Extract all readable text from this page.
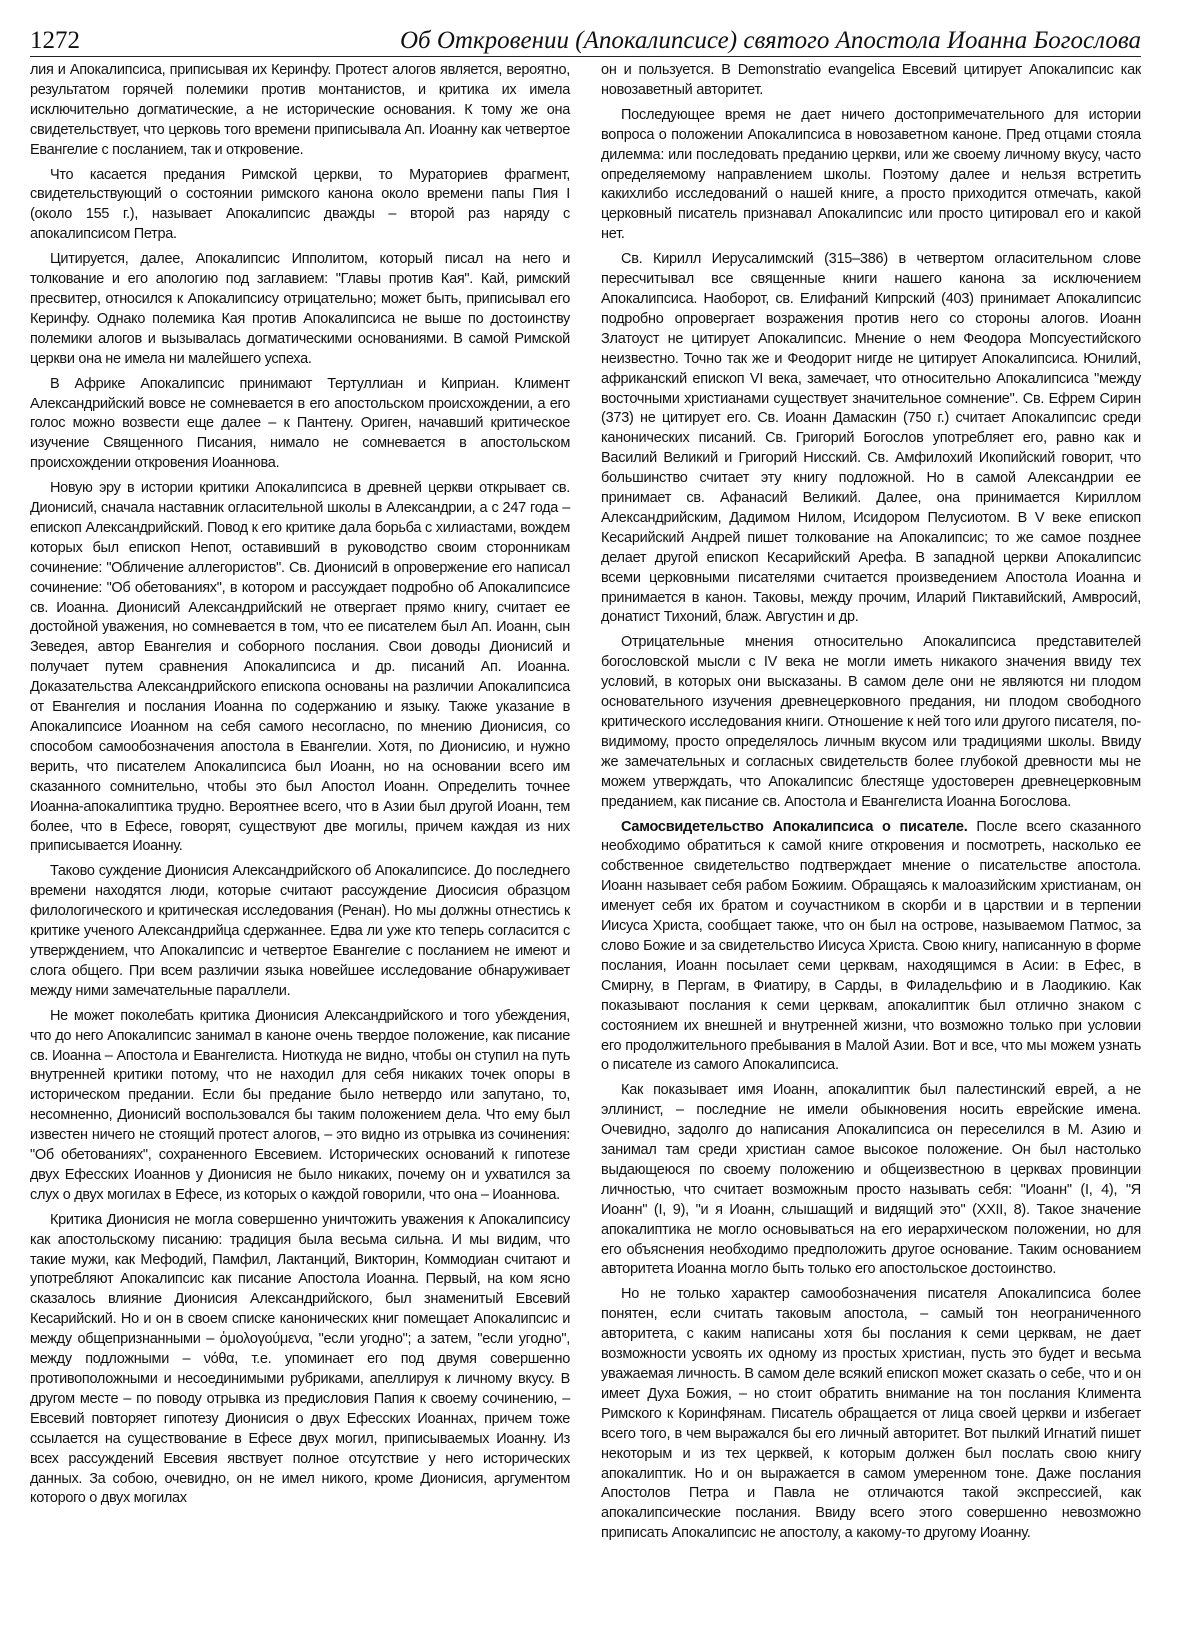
1272	Об Откровении (Апокалипсисе) святого Апостола Иоанна Богослова

лия и Апокалипсиса, приписывая их Керинфу. Протест алогов является, вероятно, результатом горячей полемики против монтанистов, и критика их имела исключительно догматические, а не исторические основания. К тому же она свидетельствует, что церковь того времени приписывала Ап. Иоанну как четвертое Евангелие с посланием, так и откровение.

Что касается предания Римской церкви, то Мураториев фрагмент, свидетельствующий о состоянии римского канона около времени папы Пия I (около 155 г.), называет Апокалипсис дважды – второй раз наряду с апокалипсисом Петра.

Цитируется, далее, Апокалипсис Ипполитом, который писал на него и толкование и его апологию под заглавием: "Главы против Кая". Кай, римский пресвитер, относился к Апокалипсису отрицательно; может быть, приписывал его Керинфу. Однако полемика Кая против Апокалипсиса не выше по достоинству полемики алогов и вызывалась догматическими основаниями. В самой Римской церкви она не имела ни малейшего успеха.

В Африке Апокалипсис принимают Тертуллиан и Киприан. Климент Александрийский вовсе не сомневается в его апостольском происхождении, а его голос можно возвести еще далее – к Пантену. Ориген, начавший критическое изучение Священного Писания, нимало не сомневается в апостольском происхождении откровения Иоаннова.

Новую эру в истории критики Апокалипсиса в древней церкви открывает св. Дионисий, сначала наставник огласительной школы в Александрии, а с 247 года – епископ Александрийский. Повод к его критике дала борьба с хилиастами, вождем которых был епископ Непот, оставивший в руководство своим сторонникам сочинение: "Обличение аллегористов". Св. Дионисий в опровержение его написал сочинение: "Об обетованиях", в котором и рассуждает подробно об Апокалипсисе св. Иоанна. Дионисий Александрийский не отвергает прямо книгу, считает ее достойной уважения, но сомневается в том, что ее писателем был Ап. Иоанн, сын Зеведея, автор Евангелия и соборного послания. Свои доводы Дионисий и получает путем сравнения Апокалипсиса и др. писаний Ап. Иоанна. Доказательства Александрийского епископа основаны на различии Апокалипсиса от Евангелия и послания Иоанна по содержанию и языку. Также указание в Апокалипсисе Иоанном на себя самого несогласно, по мнению Дионисия, со способом самообозначения апостола в Евангелии. Хотя, по Дионисию, и нужно верить, что писателем Апокалипсиса был Иоанн, но на основании всего им сказанного сомнительно, чтобы это был Апостол Иоанн. Определить точнее Иоанна-апокалиптика трудно. Вероятнее всего, что в Азии был другой Иоанн, тем более, что в Ефесе, говорят, существуют две могилы, причем каждая из них приписывается Иоанну.

Таково суждение Дионисия Александрийского об Апокалипсисе. До последнего времени находятся люди, которые считают рассуждение Диосисия образцом филологического и критическая исследования (Ренан). Но мы должны отнестись к критике ученого Александрийца сдержаннее. Едва ли уже кто теперь согласится с утверждением, что Апокалипсис и четвертое Евангелие с посланием не имеют и слога общего. При всем различии языка новейшее исследование обнаруживает между ними замечательные параллели.

Не может поколебать критика Дионисия Александрийского и того убеждения, что до него Апокалипсис занимал в каноне очень твердое положение, как писание св. Иоанна – Апостола и Евангелиста. Ниоткуда не видно, чтобы он ступил на путь внутренней критики потому, что не находил для себя никаких точек опоры в историческом предании. Если бы предание было нетвердо или запутано, то, несомненно, Дионисий воспользовался бы таким положением дела. Что ему был известен ничего не стоящий протест алогов, – это видно из отрывка из сочинения: "Об обетованиях", сохраненного Евсевием. Исторических оснований к гипотезе двух Ефесских Иоаннов у Дионисия не было никаких, почему он и ухватился за слух о двух могилах в Ефесе, из которых о каждой говорили, что она – Иоаннова.

Критика Дионисия не могла совершенно уничтожить уважения к Апокалипсису как апостольскому писанию: традиция была весьма сильна. И мы видим, что такие мужи, как Мефодий, Памфил, Лактанций, Викторин, Коммодиан считают и употребляют Апокалипсис как писание Апостола Иоанна. Первый, на ком ясно сказалось влияние Дионисия Александрийского, был знаменитый Евсевий Кесарийский. Но и он в своем списке канонических книг помещает Апокалипсис и между общепризнанными – ὁμολογούμενα, "если угодно"; а затем, "если угодно", между подложными – νόθα, т.е. упоминает его под двумя совершенно противоположными и несоединимыми рубриками, апеллируя к личному вкусу. В другом месте – по поводу отрывка из предисловия Папия к своему сочинению, – Евсевий повторяет гипотезу Дионисия о двух Ефесских Иоаннах, причем тоже ссылается на существование в Ефесе двух могил, приписываемых Иоанну. Из всех рассуждений Евсевия явствует полное отсутствие у него исторических данных. За собою, очевидно, он не имел никого, кроме Дионисия, аргументом которого о двух могилах

он и пользуется. В Demonstratio evangelica Евсевий цитирует Апокалипсис как новозаветный авторитет.

Последующее время не дает ничего достопримечательного для истории вопроса о положении Апокалипсиса в новозаветном каноне. Пред отцами стояла дилемма: или последовать преданию церкви, или же своему личному вкусу, часто определяемому направлением школы. Поэтому далее и нельзя встретить какихлибо исследований о нашей книге, а просто приходится отмечать, какой церковный писатель признавал Апокалипсис или просто цитировал его и какой нет.

Св. Кирилл Иерусалимский (315–386) в четвертом огласительном слове пересчитывал все священные книги нашего канона за исключением Апокалипсиса. Наоборот, св. Елифаний Кипрский (403) принимает Апокалипсис подробно опровергает возражения против него со стороны алогов. Иоанн Златоуст не цитирует Апокалипсис. Мнение о нем Феодора Мопсуестийского неизвестно. Точно так же и Феодорит нигде не цитирует Апокалипсиса. Юнилий, африканский епископ VI века, замечает, что относительно Апокалипсиса "между восточными христианами существует значительное сомнение". Св. Ефрем Сирин (373) не цитирует его. Св. Иоанн Дамаскин (750 г.) считает Апокалипсис среди канонических писаний. Св. Григорий Богослов употребляет его, равно как и Василий Великий и Григорий Нисский. Св. Амфилохий Икопийский говорит, что большинство считает эту книгу подложной. Но в самой Александрии ее принимает св. Афанасий Великий. Далее, она принимается Кириллом Александрийским, Дадимом Нилом, Исидором Пелусиотом. В V веке епископ Кесарийский Андрей пишет толкование на Апокалипсис; то же самое позднее делает другой епископ Кесарийский Арефа. В западной церкви Апокалипсис всеми церковными писателями считается произведением Апостола Иоанна и принимается в канон. Таковы, между прочим, Иларий Пиктавийский, Амвросий, донатист Тихоний, блаж. Августин и др.

Отрицательные мнения относительно Апокалипсиса представителей богословской мысли с IV века не могли иметь никакого значения ввиду тех условий, в которых они высказаны. В самом деле они не являются ни плодом основательного изучения древнецерковного предания, ни плодом свободного критического исследования книги. Отношение к ней того или другого писателя, по-видимому, просто определялось личным вкусом или традициями школы. Ввиду же замечательных и согласных свидетельств более глубокой древности мы не можем утверждать, что Апокалипсис блестяще удостоверен древнецерковным преданием, как писание св. Апостола и Евангелиста Иоанна Богослова.

Самосвидетельство Апокалипсиса о писателе. После всего сказанного необходимо обратиться к самой книге откровения и посмотреть, насколько ее собственное свидетельство подтверждает мнение о писательстве апостола. Иоанн называет себя рабом Божиим. Обращаясь к малоазийским христианам, он именует себя их братом и соучастником в скорби и в царствии и в терпении Иисуса Христа, сообщает также, что он был на острове, называемом Патмос, за слово Божие и за свидетельство Иисуса Христа. Свою книгу, написанную в форме послания, Иоанн посылает семи церквам, находящимся в Асии: в Ефес, в Смирну, в Пергам, в Фиатиру, в Сарды, в Филадельфию и в Лаодикию. Как показывают послания к семи церквам, апокалиптик был отлично знаком с состоянием их внешней и внутренней жизни, что возможно только при условии его продолжительного пребывания в Малой Азии. Вот и все, что мы можем узнать о писателе из самого Апокалипсиса.

Как показывает имя Иоанн, апокалиптик был палестинский еврей, а не эллинист, – последние не имели обыкновения носить еврейские имена. Очевидно, задолго до написания Апокалипсиса он переселился в М. Азию и занимал там среди христиан самое высокое положение. Он был настолько выдающеюся по своему положению и общеизвестною в церквах провинции личностью, что считает возможным просто называть себя: "Иоанн" (I, 4), "Я Иоанн" (I, 9), "и я Иоанн, слышащий и видящий это" (XXII, 8). Такое значение апокалиптика не могло основываться на его иерархическом положении, но для его объяснения необходимо предположить другое основание. Таким основанием авторитета Иоанна могло быть только его апостольское достоинство.

Но не только характер самообозначения писателя Апокалипсиса более понятен, если считать таковым апостола, – самый тон неограниченного авторитета, с каким написаны хотя бы послания к семи церквам, не дает возможности усвоять их одному из простых христиан, пусть это будет и весьма уважаемая личность. В самом деле всякий епископ может сказать о себе, что и он имеет Духа Божия, – но стоит обратить внимание на тон послания Климента Римского к Коринфянам. Писатель обращается от лица своей церкви и избегает всего того, в чем выражался бы его личный авторитет. Вот пылкий Игнатий пишет некоторым и из тех церквей, к которым должен был послать свою книгу апокалиптик. Но и он выражается в самом умеренном тоне. Даже послания Апостолов Петра и Павла не отличаются такой экспрессией, как апокалипсические послания. Ввиду всего этого совершенно невозможно приписать Апокалипсис не апостолу, а какому-то другому Иоанну.
